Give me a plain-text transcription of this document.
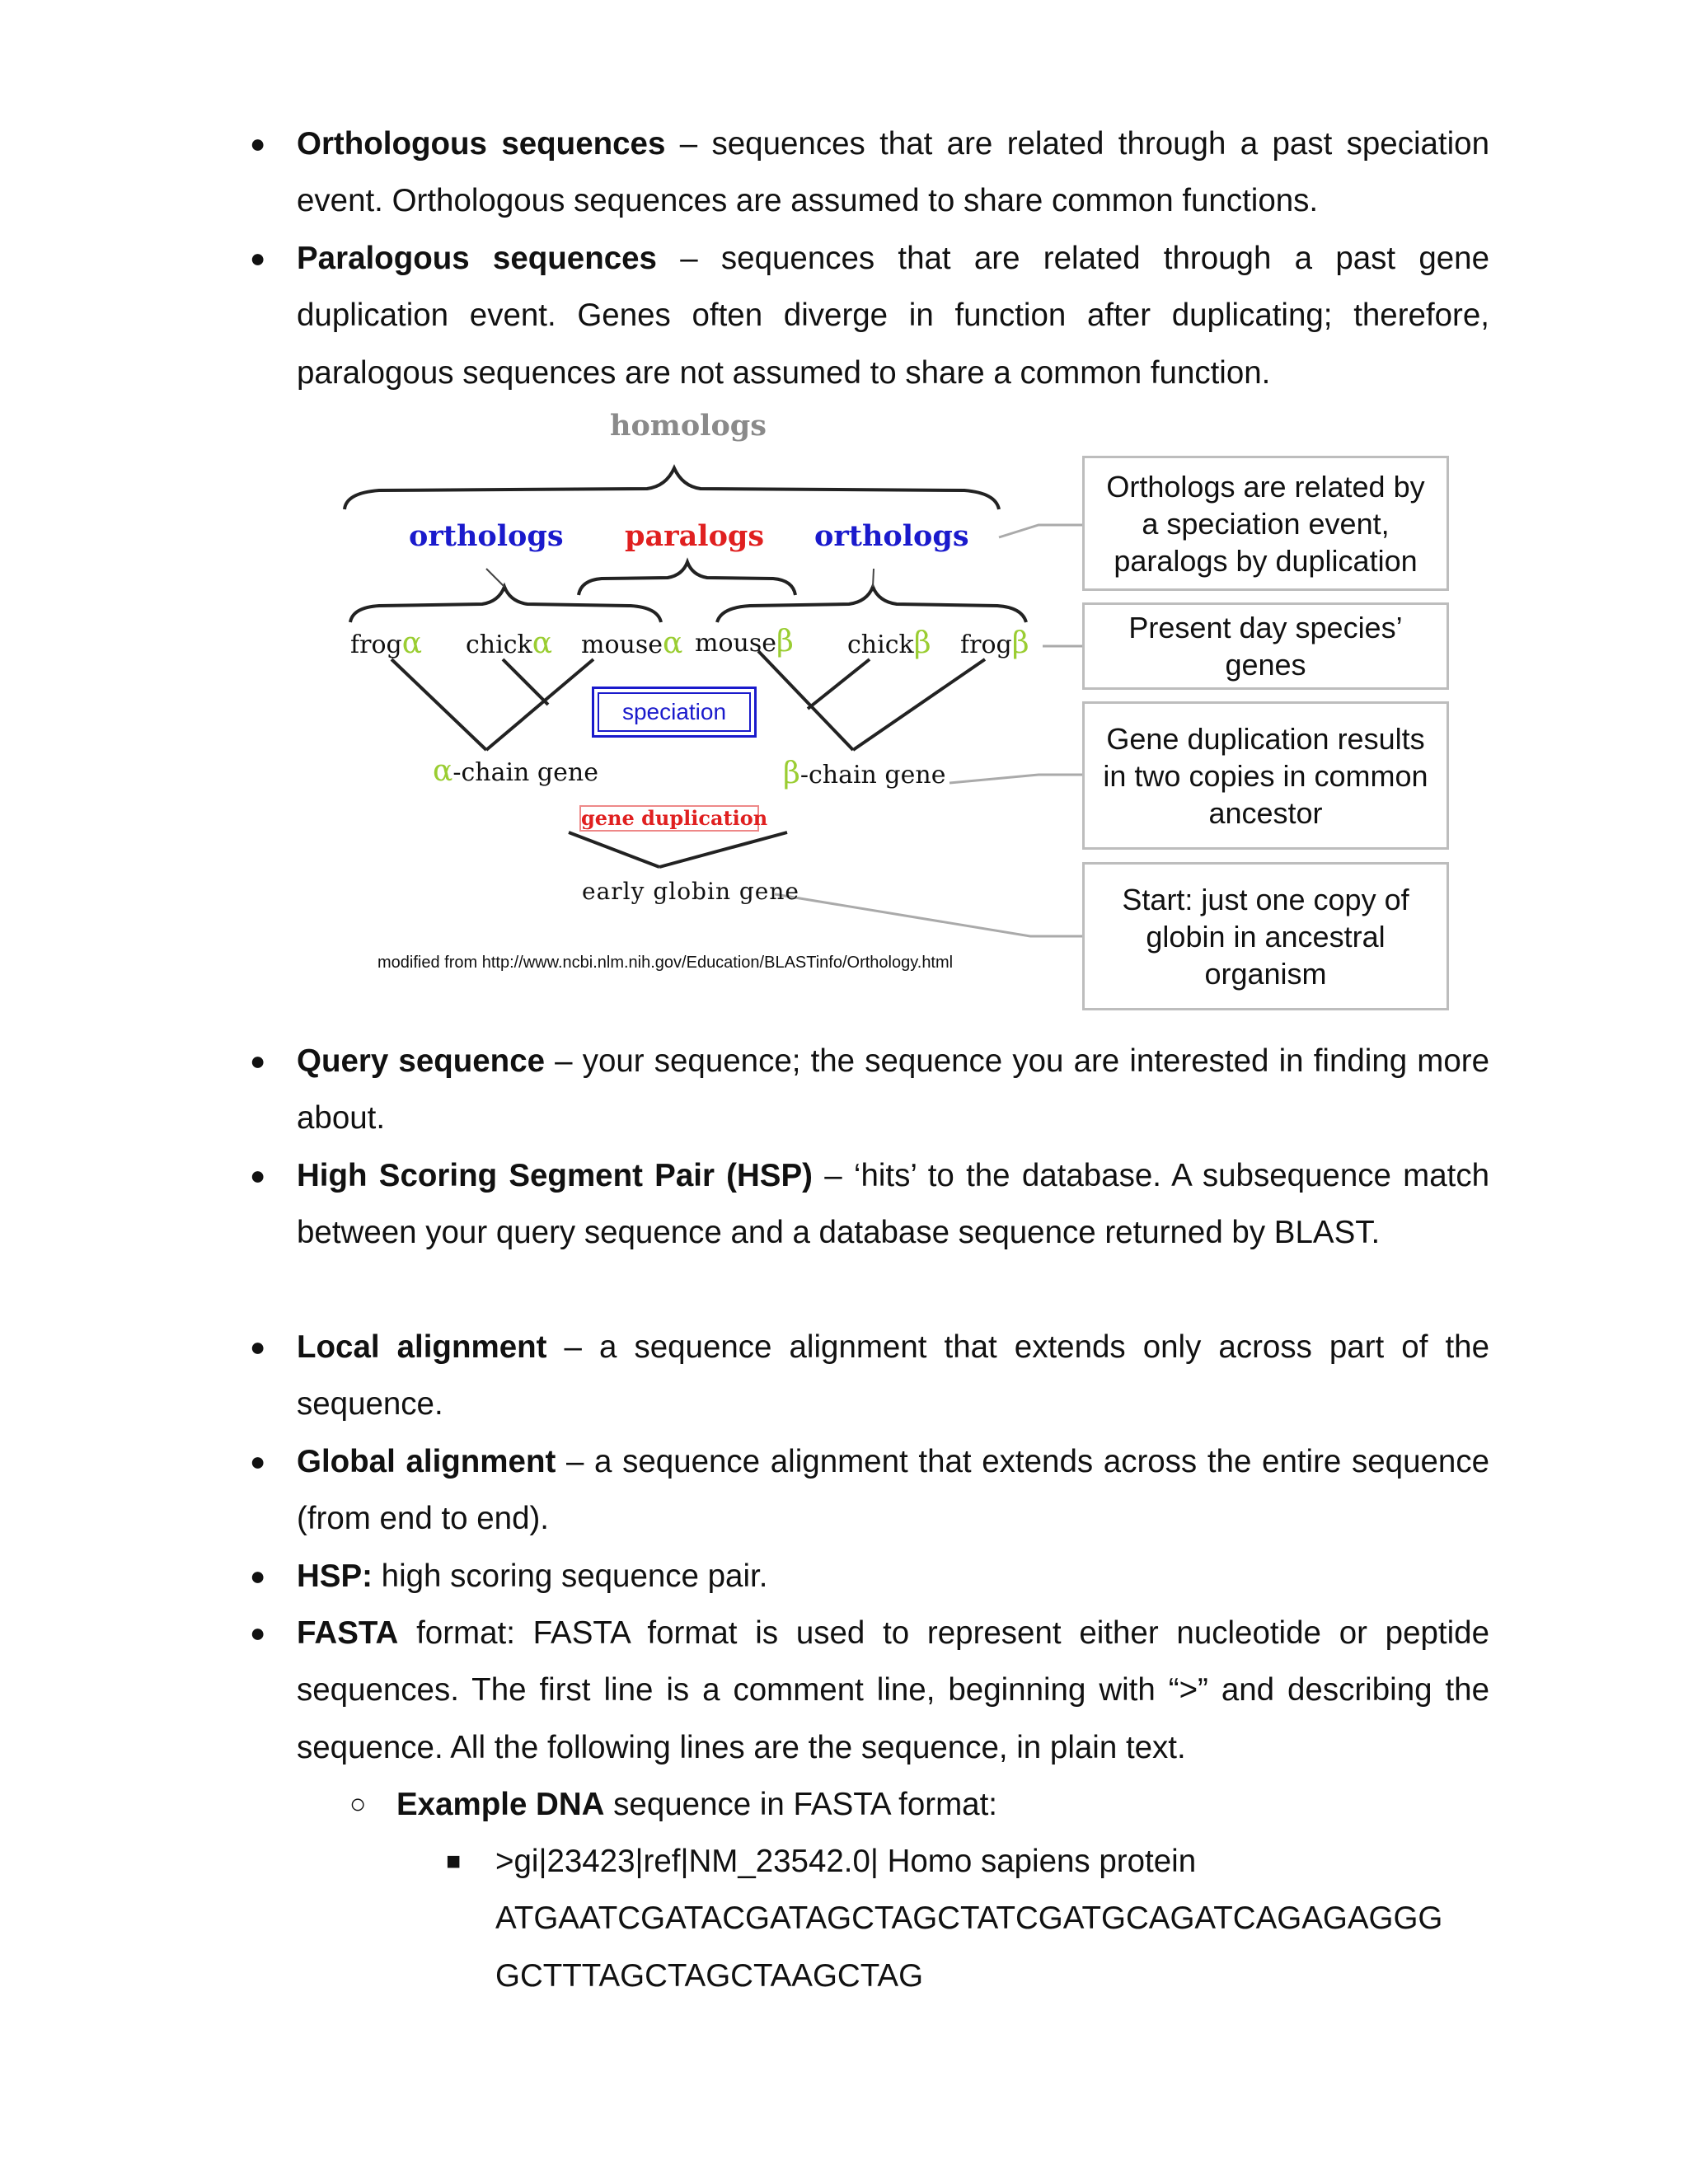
● Orthologous sequences – sequences that are related through a past speciation event. Orthologous sequences are assumed to share common functions.
● Paralogous sequences – sequences that are related through a past gene duplication event. Genes often diverge in function after duplicating; therefore, paralogous sequences are not assumed to share a common function.
homologs
orthologs paralogs orthologs
frogα chickα mouseα mouseβ chickβ frogβ
speciation
α-chain gene	β-chain gene
gene duplication
early globin gene
modified from http://www.ncbi.nlm.nih.gov/Education/BLASTinfo/Orthology.html
Orthologs are related by a speciation event, paralogs by duplication
Present day species’ genes
Gene duplication results in two copies in common ancestor
Start: just one copy of globin in ancestral organism
● Query sequence – your sequence; the sequence you are interested in finding more about.
● High Scoring Segment Pair (HSP) – ‘hits’ to the database. A subsequence match between your query sequence and a database sequence returned by BLAST.
● Local alignment – a sequence alignment that extends only across part of the sequence.
● Global alignment – a sequence alignment that extends across the entire sequence (from end to end).
● HSP: high scoring sequence pair.
● FASTA format: FASTA format is used to represent either nucleotide or peptide sequences. The first line is a comment line, beginning with “>” and describing the sequence. All the following lines are the sequence, in plain text.
○ Example DNA sequence in FASTA format:
■ >gi|23423|ref|NM_23542.0| Homo sapiens protein
ATGAATCGATACGATAGCTAGCTATCGATGCAGATCAGAGAGGG
GCTTTAGCTAGCTAAGCTAG
